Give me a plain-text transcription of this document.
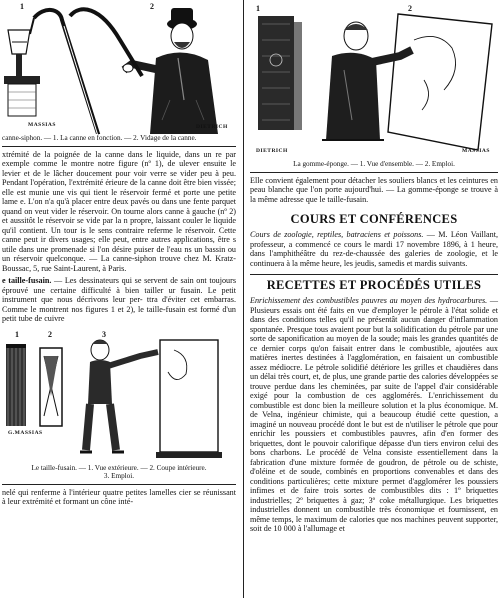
1	2
MASSIAS	DIETRICH

canne-siphon. — 1. La canne en fonction. — 2. Vidage de la canne.

xtrémité de la poignée de la canne dans le liquide, dans un re par exemple comme le montre notre figure (nº 1), de ulever ensuite le levier et de le lâcher doucement pour voir verre se vider peu à peu. Pendant l'opération, l'extrémité érieure de la canne doit être bien vissée; elle est munie une vis qui tient le réservoir fermé et porte une petite lame e. L'on n'a qu'à placer entre deux pavés ou dans une fente parquet quand on veut vider le réservoir. On tourne alors canne à gauche (nº 2) et aussitôt le réservoir se vide par la n propre, laissant couler le liquide qu'il contient. Un tour is le sens contraire referme le réservoir. Cette canne peut ir divers usages; elle peut, entre autres applications, être s utile dans une promenade si l'on désire puiser de l'eau ns un bassin ou un réservoir quelconque. — La canne-siphon trouve chez M. Kratz-Boussac, 5, rue Saint-Laurent, à Paris.

e taille-fusain. — Les dessinateurs qui se servent de sain ont toujours éprouvé une certaine difficulté à bien tailler ur fusain. Le petit instrument que nous décrivons leur per- ttra d'éviter cet embarras. Comme le montrent nos figures 1 et 2), le taille-fusain est formé d'un petit tube de cuivre

1	2	3
G.MASSIAS

Le taille-fusain. — 1. Vue extérieure. — 2. Coupe intérieure.

3. Emploi.

nelé qui renferme à l'intérieur quatre petites lamelles cier se réunissant à leur extrémité et formant un cône inté-

1	2
DIETRICH	MASSIAS

La gomme-éponge. — 1. Vue d'ensemble. — 2. Emploi.

Elle convient également pour détacher les souliers blancs et les ceintures en peau blanche que l'on porte aujourd'hui. — La gomme-éponge se trouve à la même adresse que le taille-fusain.

COURS ET CONFÉRENCES

Cours de zoologie, reptiles, batraciens et poissons. — M. Léon Vaillant, professeur, a commencé ce cours le mardi 17 novembre 1896, à 1 heure, dans l'amphithéâtre du rez-de-chaussée des galeries de zoologie, et le continuera à la même heure, les jeudis, samedis et mardis suivants.

RECETTES ET PROCÉDÉS UTILES

Enrichissement des combustibles pauvres au moyen des hydrocarbures. — Plusieurs essais ont été faits en vue d'employer le pétrole à l'état solide et dans des conditions telles qu'il ne présentât aucun danger d'inflammation spontanée. Presque tous avaient pour but la solidification du pétrole par une sorte de saponification au moyen de la soude; mais les grandes quantités de ce dernier corps qu'on faisait entrer dans le combustible, ajoutées aux matières inertes destinées à l'agglomération, en faisaient un combustible assez médiocre. Le pétrole solidifié détériore les grilles et chaudières dans un délai très court, et, de plus, une grande partie des calories développées se trouve perdue dans les cheminées, par suite de l'appel d'air considérable exigé pour la combustion de ces agglomérés. L'enrichissement du combustible est donc bien la meilleure solution et la plus économique. M. de Velna, ingénieur chimiste, qui a beaucoup étudié cette question, a imaginé un nouveau procédé dont le but est de n'utiliser le pétrole que pour enrichir les poussiers et combustibles pauvres, afin d'en former des briquettes, dont le pouvoir calorifique dépasse d'un tiers environ celui des bons charbons. Le procédé de Velna consiste essentiellement dans la fabrication d'une mixture formée de goudron, de pétrole ou de schiste, d'oléine et de soude, combinés en proportions convenables et dans des conditions particulières; cette mixture permet d'agglomérer les poussiers infimes et de faire trois sortes de combustibles dits : 1º briquettes industrielles; 2º briquettes à gaz; 3º coke métallurgique. Les briquettes industrielles donnent un combustible très économique et fournissent, en même temps, le maximum de calories que nos machines peuvent supporter, soit de 10 000 à l'allumage et
